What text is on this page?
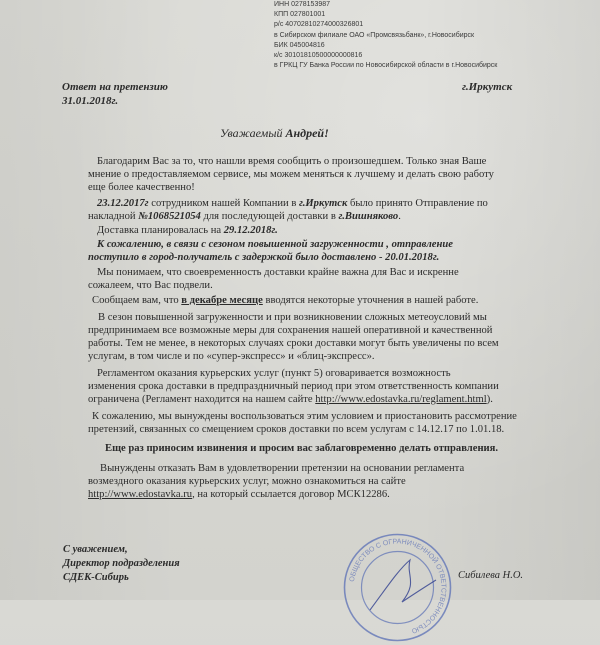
ИНН 0278153987
КПП 027801001
р/с 40702810274000326801
в Сибирском филиале ОАО «Промсвязьбанк», г.Новосибирск
БИК 045004816
к/с 30101810500000000816
в ГРКЦ ГУ Банка России по Новосибирской области в г.Новосибирск
Ответ на претензию
31.01.2018г.
г.Иркутск
Уважаемый Андрей!
Благодарим Вас за то, что нашли время сообщить о произошедшем. Только зная Ваше
мнение о предоставляемом сервисе, мы можем меняться к лучшему и делать свою работу
еще более качественно!
23.12.2017г сотрудником нашей Компании в г.Иркутск было принято Отправление по
накладной №1068521054 для последующей доставки в г.Вишняково.
Доставка планировалась на 29.12.2018г.
К сожалению, в связи с сезоном повышенной загруженности , отправление
поступило в город-получатель с задержкой было доставлено - 20.01.2018г.
Мы понимаем, что своевременность доставки крайне важна для Вас и искренне
сожалеем, что Вас подвели.
Сообщаем вам, что в декабре месяце вводятся некоторые уточнения в нашей работе.
В сезон повышенной загруженности и при возникновении сложных метеоусловий мы
предпринимаем все возможные меры для сохранения нашей оперативной и качественной
работы. Тем не менее, в некоторых случаях сроки доставки могут быть увеличены по всем
услугам, в том числе и по «супер-экспресс» и «блиц-экспресс».
Регламентом оказания курьерских услуг (пункт 5) оговаривается возможность
изменения срока доставки в предпраздничный период при этом ответственность компании
ограничена (Регламент находится на нашем сайте http://www.edostavka.ru/reglament.html).
К сожалению, мы вынуждены воспользоваться этим условием и приостановить рассмотрение
претензий, связанных со смещением сроков доставки по всем услугам с 14.12.17 по 1.01.18.
Еще раз приносим извинения и просим вас заблаговременно делать отправления.
Вынуждены отказать Вам в удовлетворении претензии на основании регламента
возмездного оказания курьерских услуг, можно ознакомиться на сайте
http://www.edostavka.ru, на который ссылается договор МСК12286.
С уважением,
Директор подразделения
СДЕК-Сибирь	ОБЩЕСТВО С ОГРАНИЧЕННОЙ ОТВЕТСТВЕННОСТЬЮ
Сибилева Н.О.
